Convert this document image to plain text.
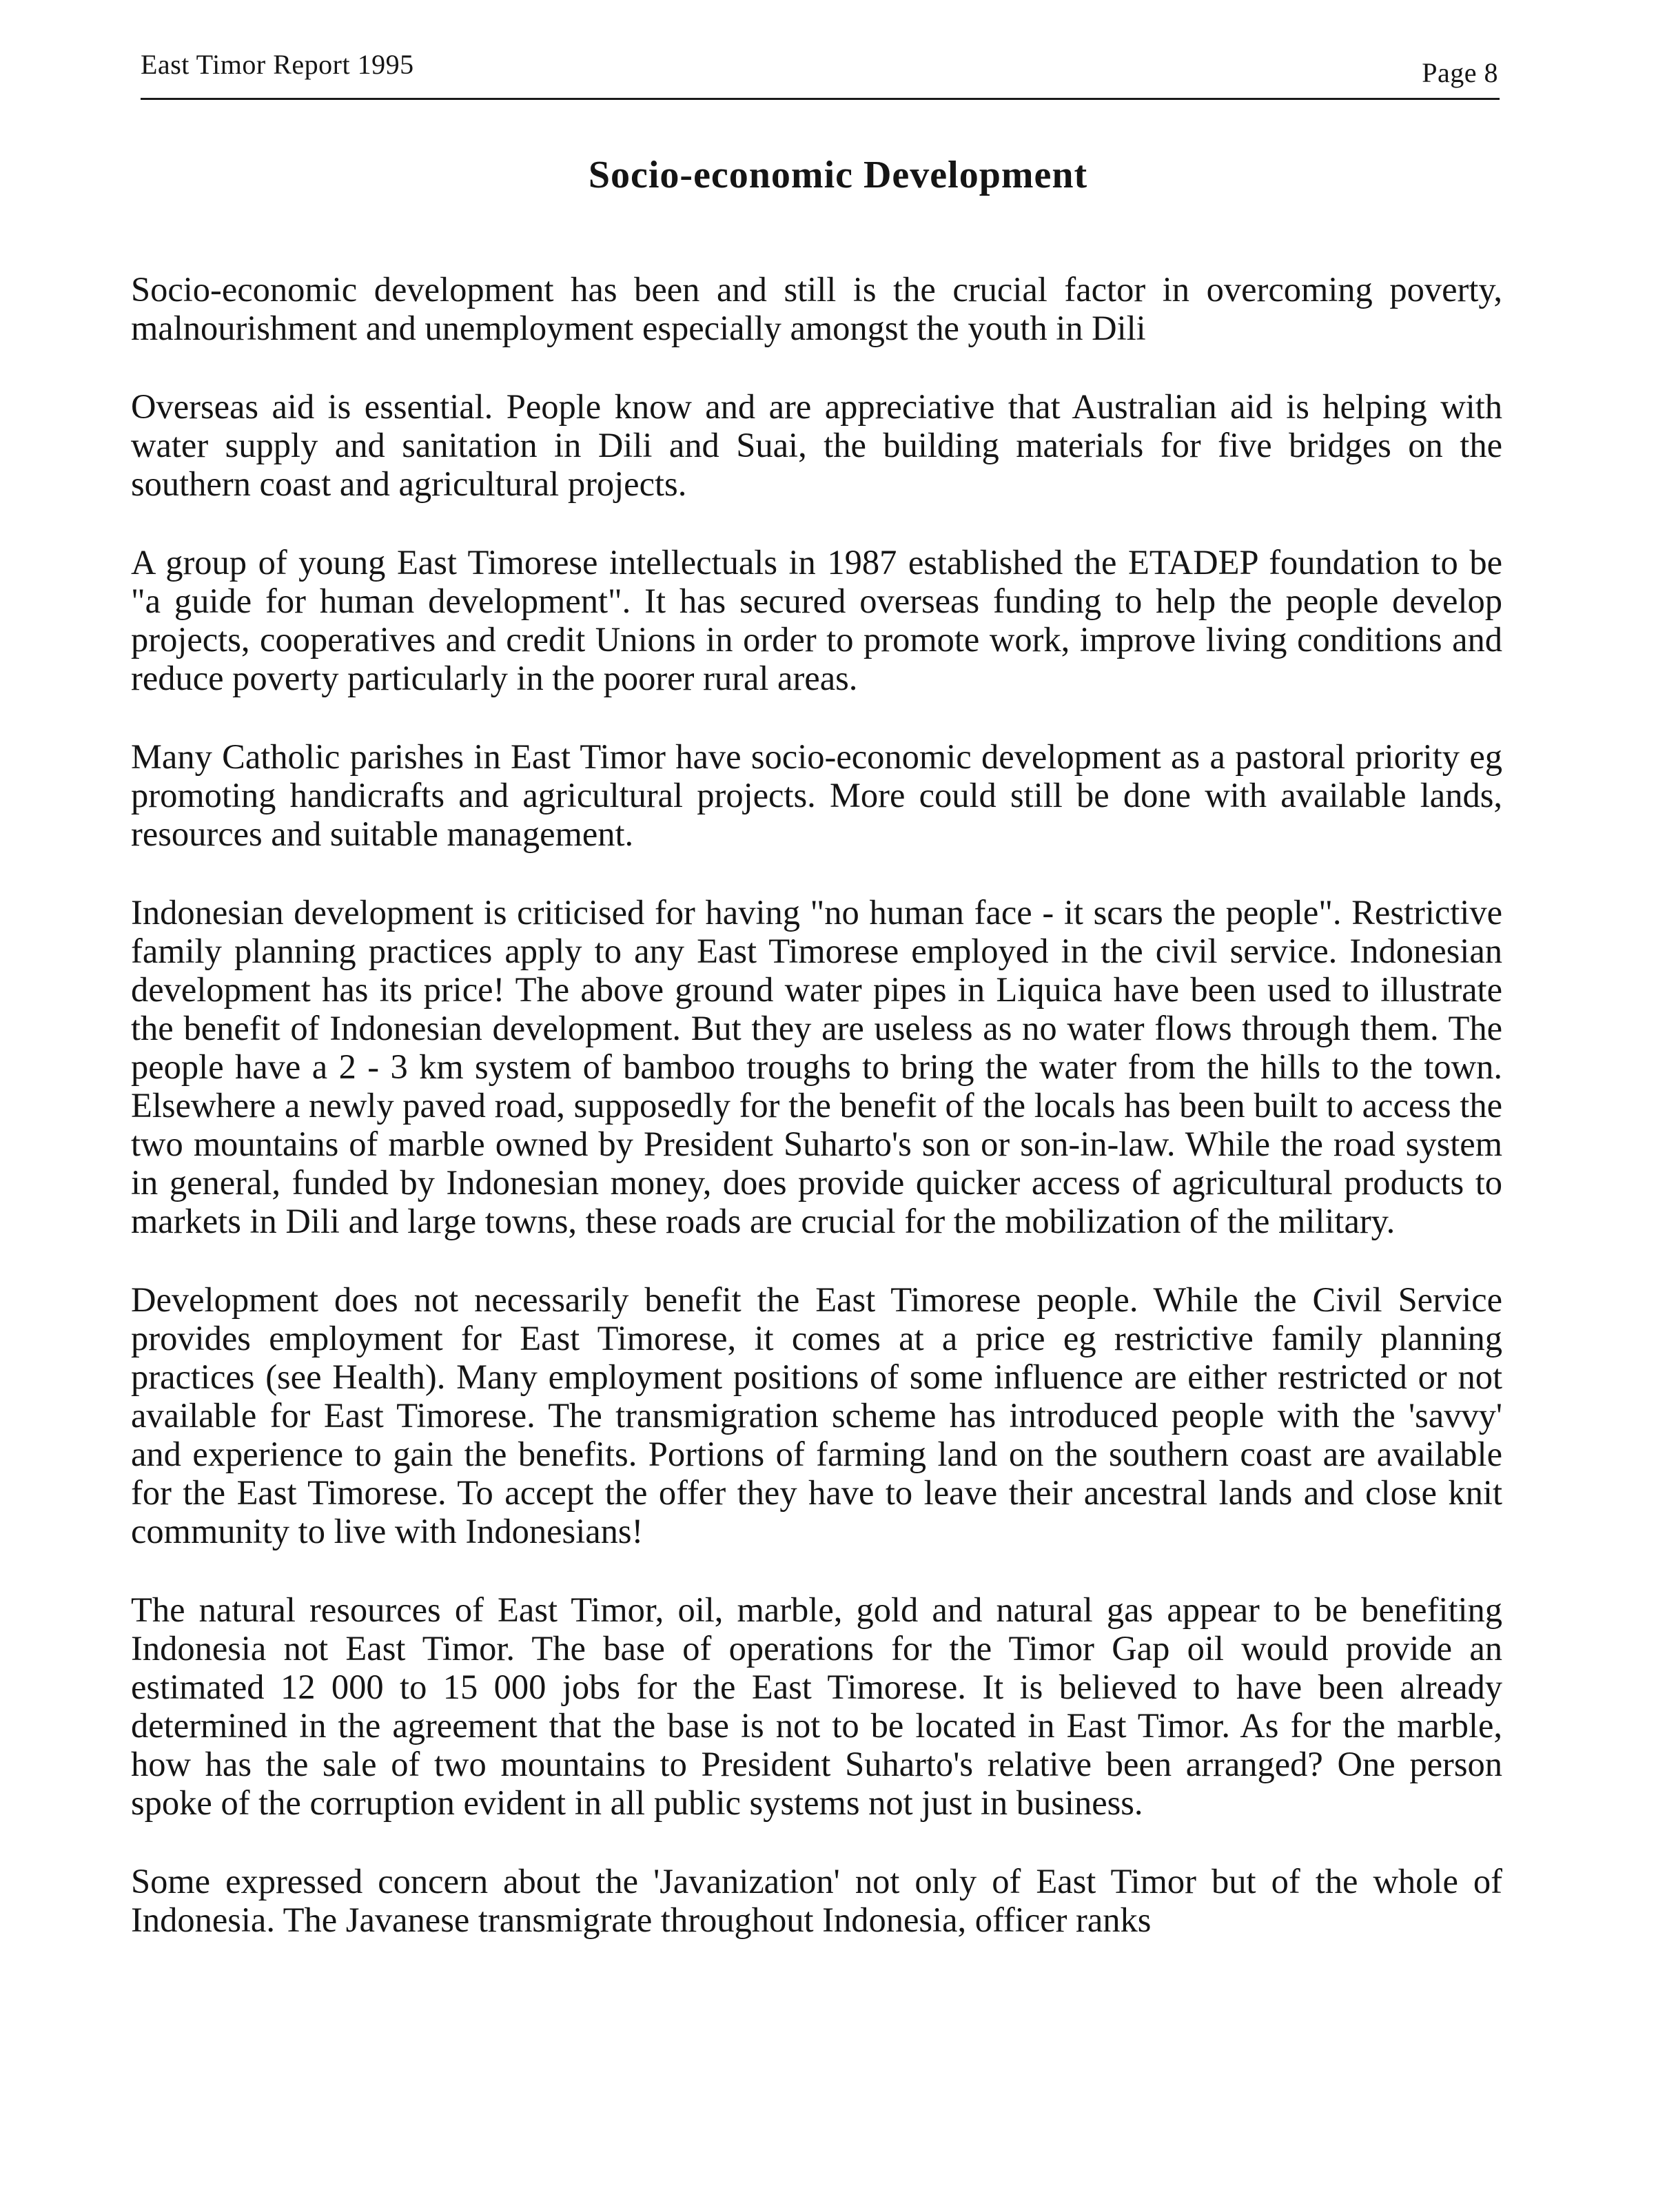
East Timor Report 1995	Page 8
Socio-economic Development

Socio-economic development has been and still is the crucial factor in overcoming poverty, malnourishment and unemployment especially amongst the youth in Dili

Overseas aid is essential. People know and are appreciative that Australian aid is helping with water supply and sanitation in Dili and Suai, the building materials for five bridges on the southern coast and agricultural projects.

A group of young East Timorese intellectuals in 1987 established the ETADEP foundation to be "a guide for human development". It has secured overseas funding to help the people develop projects, cooperatives and credit Unions in order to promote work, improve living conditions and reduce poverty particularly in the poorer rural areas.

Many Catholic parishes in East Timor have socio-economic development as a pastoral priority eg promoting handicrafts and agricultural projects. More could still be done with available lands, resources and suitable management.

Indonesian development is criticised for having "no human face - it scars the people". Restrictive family planning practices apply to any East Timorese employed in the civil service. Indonesian development has its price! The above ground water pipes in Liquica have been used to illustrate the benefit of Indonesian development. But they are useless as no water flows through them. The people have a 2 - 3 km system of bamboo troughs to bring the water from the hills to the town. Elsewhere a newly paved road, supposedly for the benefit of the locals has been built to access the two mountains of marble owned by President Suharto's son or son-in-law. While the road system in general, funded by Indonesian money, does provide quicker access of agricultural products to markets in Dili and large towns, these roads are crucial for the mobilization of the military.

Development does not necessarily benefit the East Timorese people. While the Civil Service provides employment for East Timorese, it comes at a price eg restrictive family planning practices (see Health). Many employment positions of some influence are either restricted or not available for East Timorese. The transmigration scheme has introduced people with the 'savvy' and experience to gain the benefits. Portions of farming land on the southern coast are available for the East Timorese. To accept the offer they have to leave their ancestral lands and close knit community to live with Indonesians!

The natural resources of East Timor, oil, marble, gold and natural gas appear to be benefiting Indonesia not East Timor. The base of operations for the Timor Gap oil would provide an estimated 12 000 to 15 000 jobs for the East Timorese. It is believed to have been already determined in the agreement that the base is not to be located in East Timor. As for the marble, how has the sale of two mountains to President Suharto's relative been arranged? One person spoke of the corruption evident in all public systems not just in business.

Some expressed concern about the 'Javanization' not only of East Timor but of the whole of Indonesia. The Javanese transmigrate throughout Indonesia, officer ranks
